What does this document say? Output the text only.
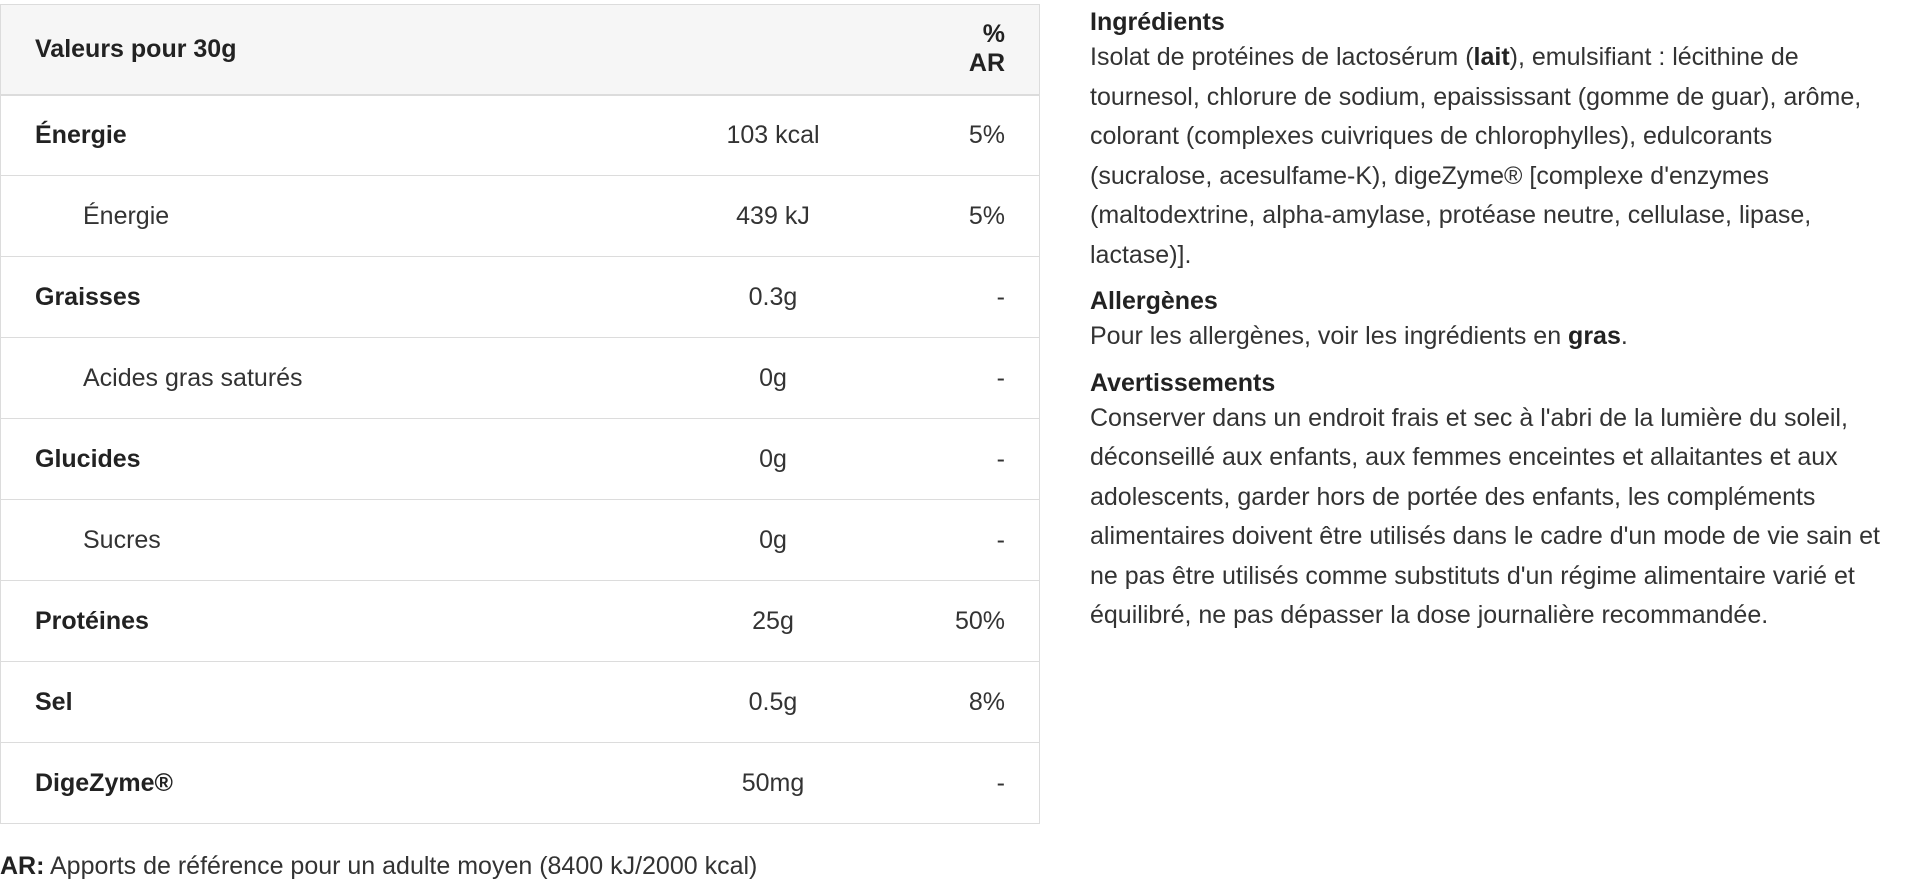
Valeurs pour 30g		% AR
Énergie	103 kcal	5%
Énergie	439 kJ	5%
Graisses	0.3g	-
Acides gras saturés	0g	-
Glucides	0g	-
Sucres	0g	-
Protéines	25g	50%
Sel	0.5g	8%
DigeZyme®	50mg	-
AR: Apports de référence pour un adulte moyen (8400 kJ/2000 kcal)
Ingrédients

Isolat de protéines de lactosérum (lait), emulsifiant : lécithine de tournesol, chlorure de sodium, epaississant (gomme de guar), arôme, colorant (complexes cuivriques de chlorophylles), edulcorants (sucralose, acesulfame-K), digeZyme® [complexe d'enzymes (maltodextrine, alpha-amylase, protéase neutre, cellulase, lipase, lactase)].

Allergènes

Pour les allergènes, voir les ingrédients en gras.

Avertissements

Conserver dans un endroit frais et sec à l'abri de la lumière du soleil, déconseillé aux enfants, aux femmes enceintes et allaitantes et aux adolescents, garder hors de portée des enfants, les compléments alimentaires doivent être utilisés dans le cadre d'un mode de vie sain et ne pas être utilisés comme substituts d'un régime alimentaire varié et équilibré, ne pas dépasser la dose journalière recommandée.
